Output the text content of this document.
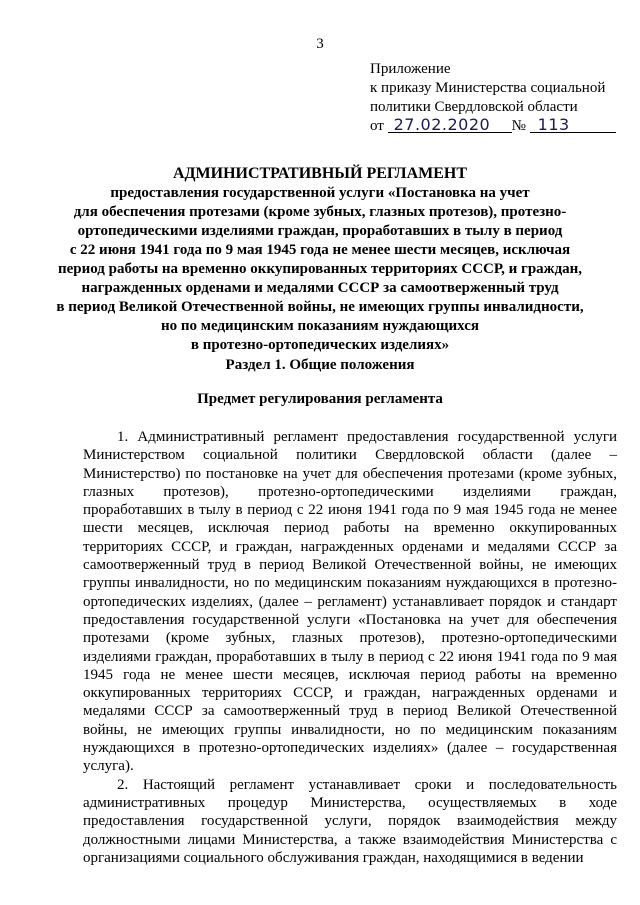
3
Приложение
к приказу Министерства социальной
политики Свердловской области
от 27.02.2020 № 113
АДМИНИСТРАТИВНЫЙ РЕГЛАМЕНТ
предоставления государственной услуги «Постановка на учет
для обеспечения протезами (кроме зубных, глазных протезов), протезно-
ортопедическими изделиями граждан, проработавших в тылу в период
с 22 июня 1941 года по 9 мая 1945 года не менее шести месяцев, исключая
период работы на временно оккупированных территориях СССР, и граждан,
награжденных орденами и медалями СССР за самоотверженный труд
в период Великой Отечественной войны, не имеющих группы инвалидности,
но по медицинским показаниям нуждающихся
в протезно-ортопедических изделиях»
Раздел 1. Общие положения
Предмет регулирования регламента

1. Административный регламент предоставления государственной услуги Министерством социальной политики Свердловской области (далее – Министерство) по постановке на учет для обеспечения протезами (кроме зубных, глазных протезов), протезно-ортопедическими изделиями граждан, проработавших в тылу в период с 22 июня 1941 года по 9 мая 1945 года не менее шести месяцев, исключая период работы на временно оккупированных территориях СССР, и граждан, награжденных орденами и медалями СССР за самоотверженный труд в период Великой Отечественной войны, не имеющих группы инвалидности, но по медицинским показаниям нуждающихся в протезно-ортопедических изделиях, (далее – регламент) устанавливает порядок и стандарт предоставления государственной услуги «Постановка на учет для обеспечения протезами (кроме зубных, глазных протезов), протезно-ортопедическими изделиями граждан, проработавших в тылу в период с 22 июня 1941 года по 9 мая 1945 года не менее шести месяцев, исключая период работы на временно оккупированных территориях СССР, и граждан, награжденных орденами и медалями СССР за самоотверженный труд в период Великой Отечественной войны, не имеющих группы инвалидности, но по медицинским показаниям нуждающихся в протезно-ортопедических изделиях» (далее – государственная услуга).

2. Настоящий регламент устанавливает сроки и последовательность административных процедур Министерства, осуществляемых в ходе предоставления государственной услуги, порядок взаимодействия между должностными лицами Министерства, а также взаимодействия Министерства с организациями социального обслуживания граждан, находящимися в ведении
